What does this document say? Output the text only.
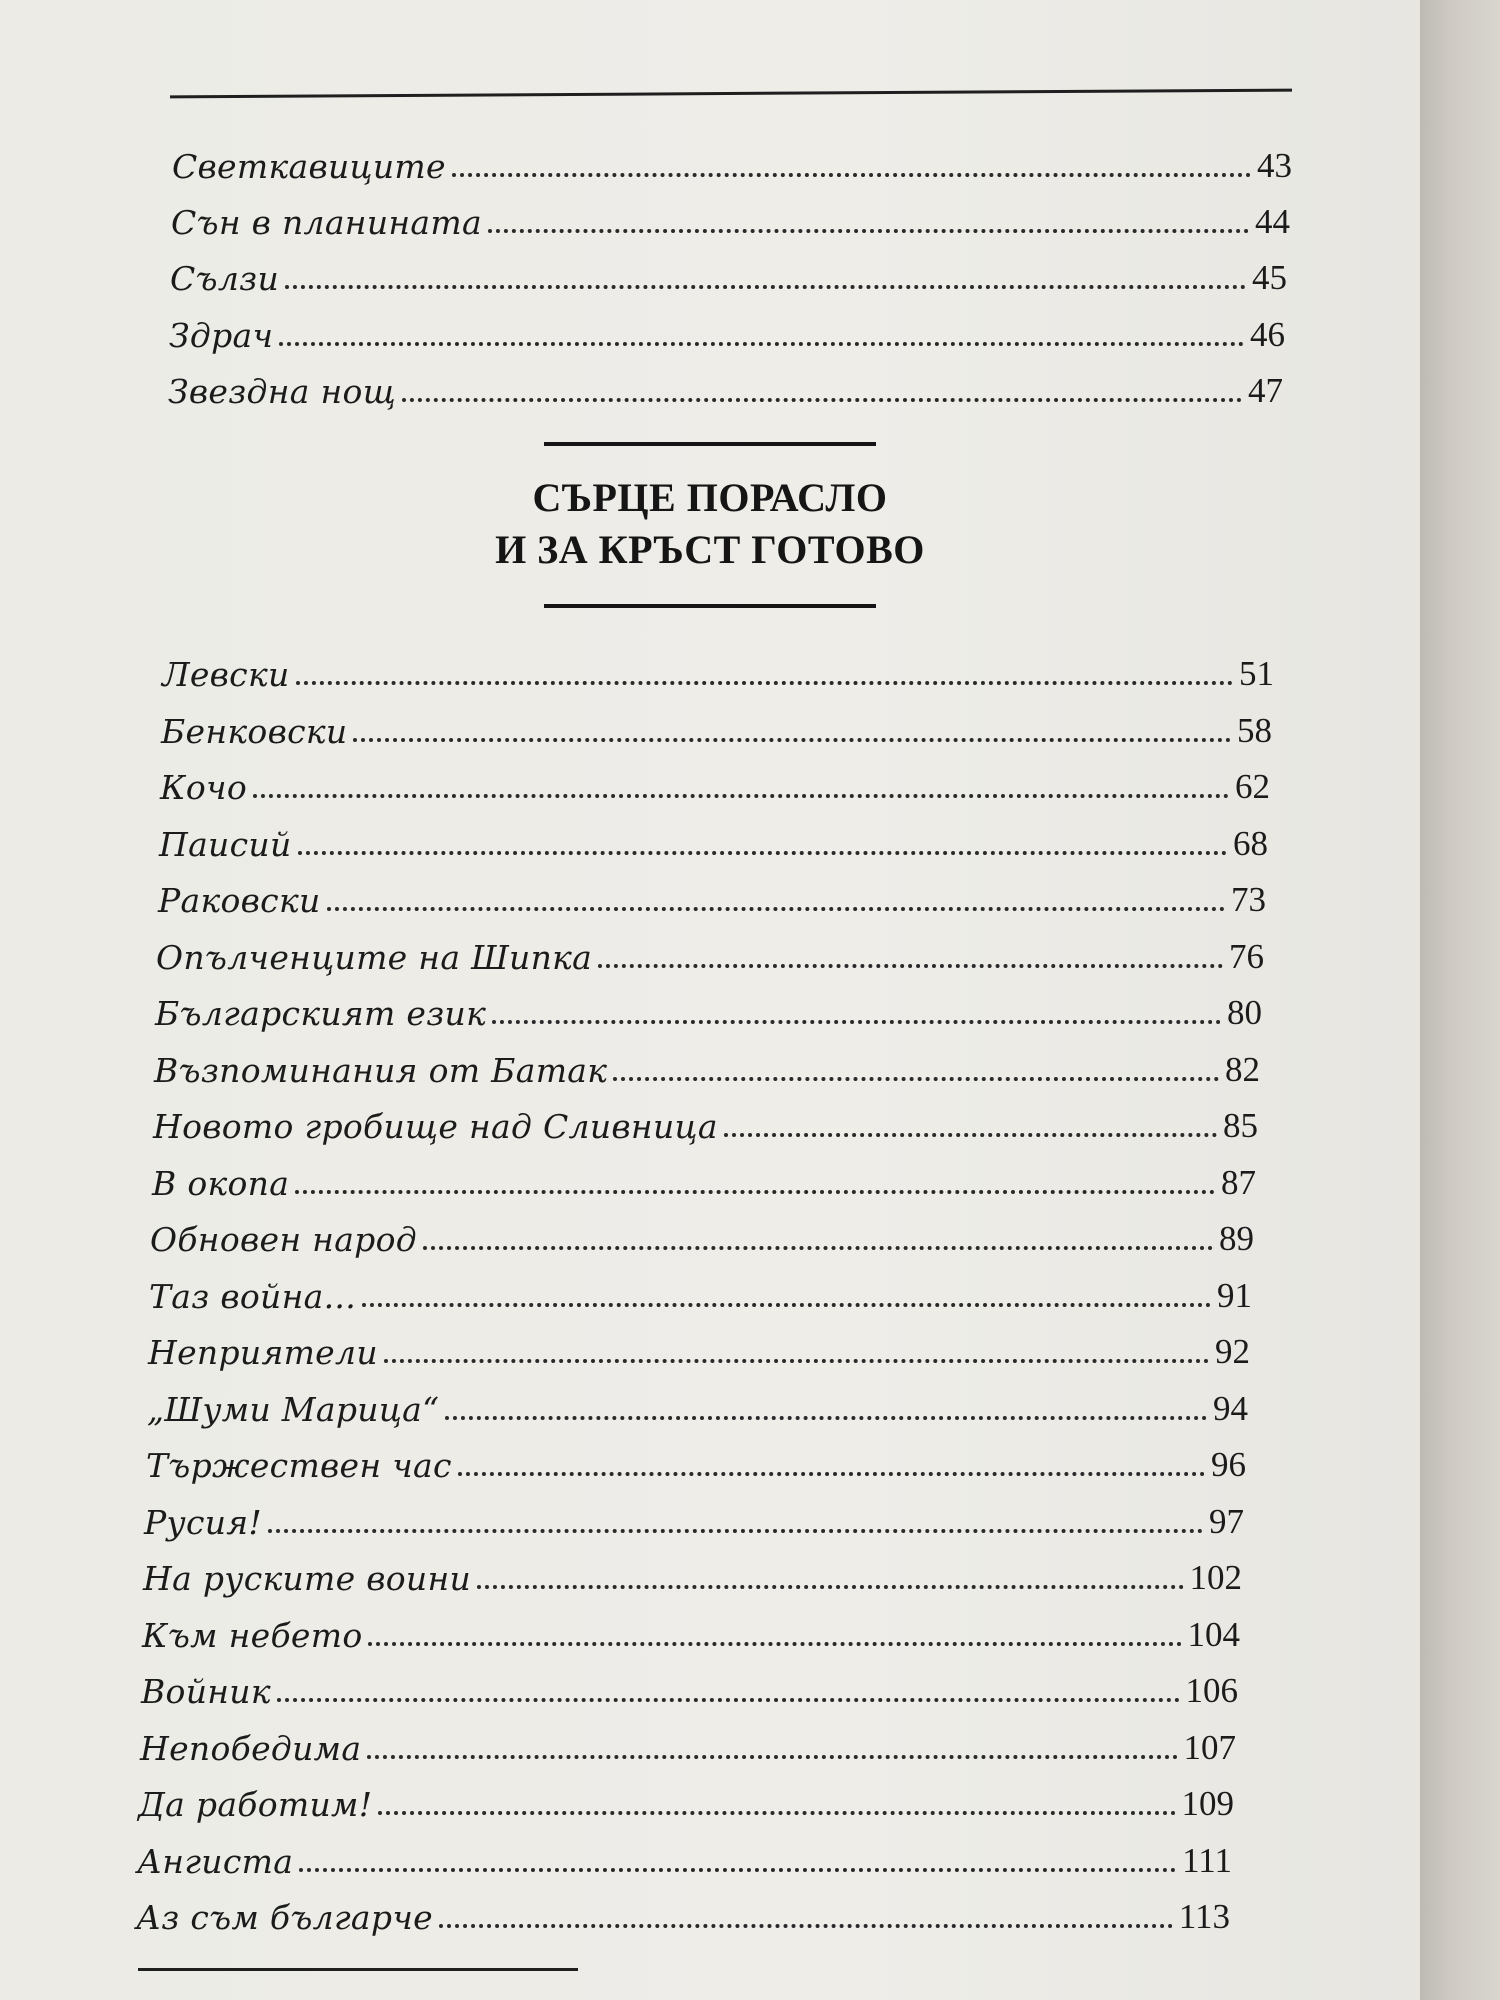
Светкавиците	43
Сън в планината	44
Сълзи	45
Здрач	46
Звездна нощ	47
СЪРЦЕ ПОРАСЛО
И ЗА КРЪСТ ГОТОВО
Левски	51
Бенковски	58
Кочо	62
Паисий	68
Раковски	73
Опълченците на Шипка	76
Българският език	80
Възпоминания от Батак	82
Новото гробище над Сливница	85
В окопа	87
Обновен народ	89
Таз война...	91
Неприятели	92
„Шуми Марица“	94
Тържествен час	96
Русия!	97
На руските воини	102
Към небето	104
Войник	106
Непобедима	107
Да работим!	109
Ангиста	111
Аз съм българче	113
